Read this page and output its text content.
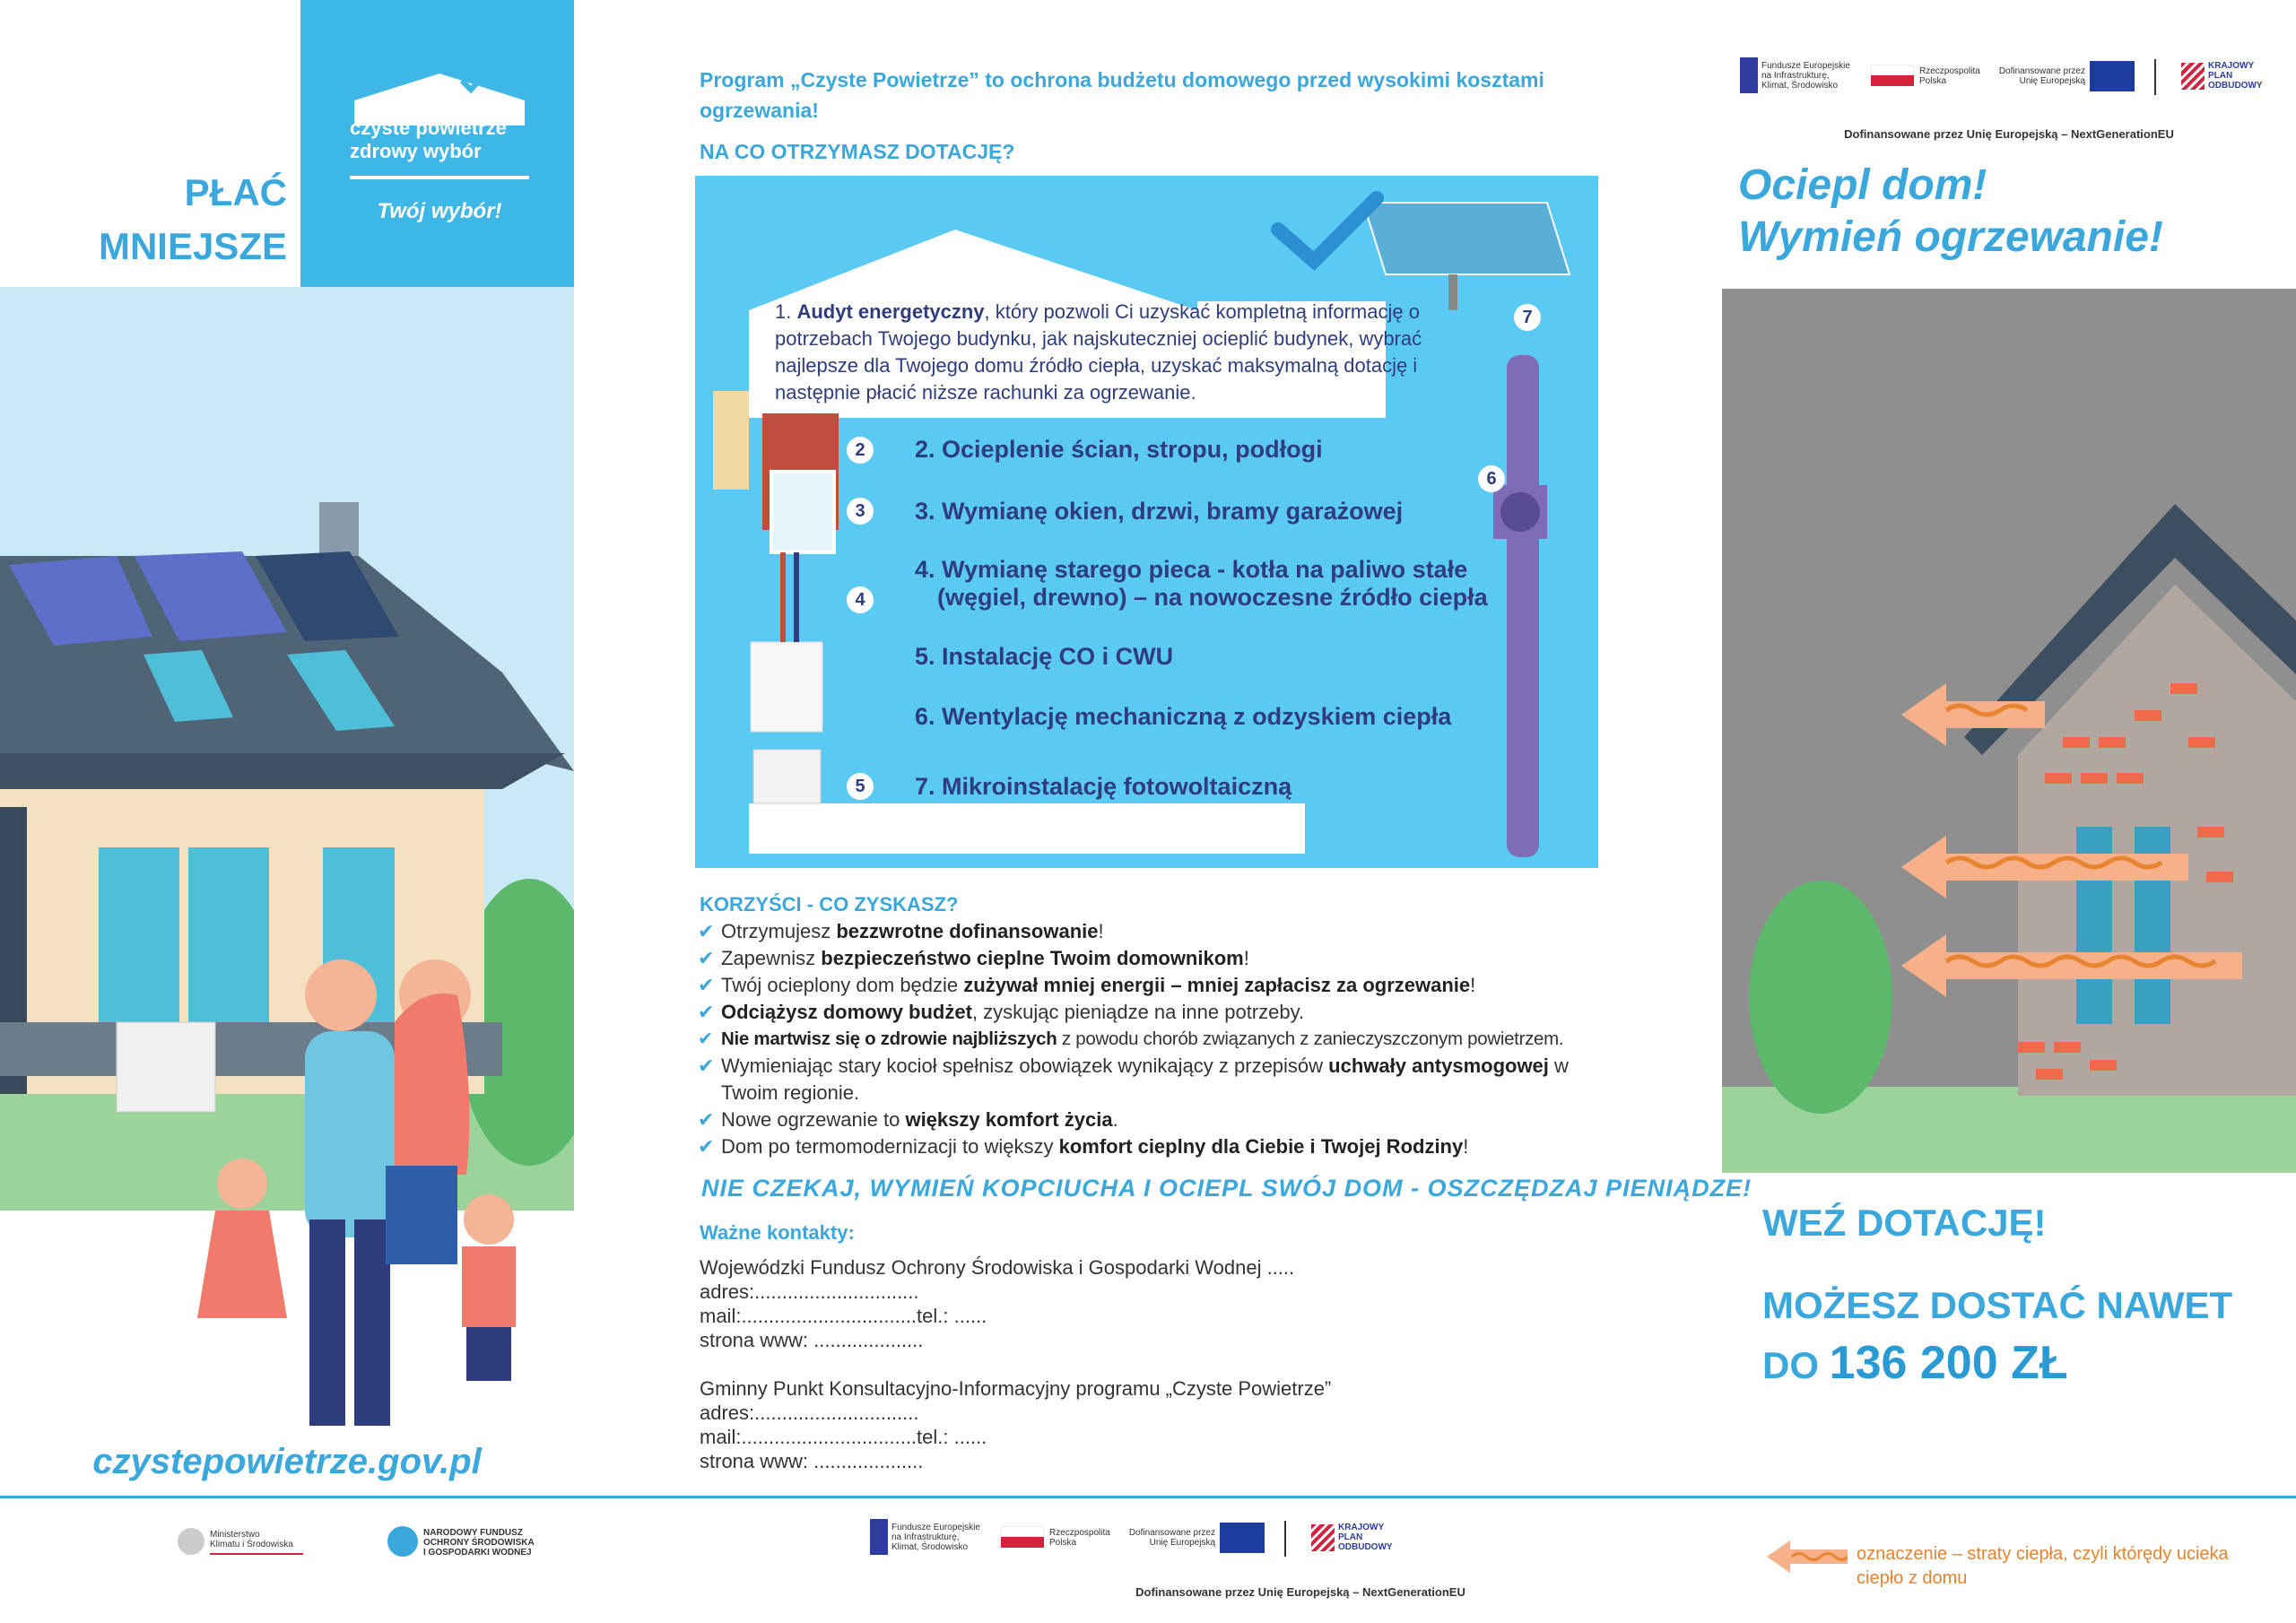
PŁAĆ MNIEJSZE
czyste powietrze
zdrowy wybór
Twój wybór!
czystepowietrze.gov.pl
Program „Czyste Powietrze” to ochrona budżetu domowego przed wysokimi kosztami ogrzewania!
NA CO OTRZYMASZ DOTACJĘ?
1. Audyt energetyczny, który pozwoli Ci uzyskać kompletną informację o potrzebach Twojego budynku, jak najskuteczniej ocieplić budynek, wybrać najlepsze dla Twojego domu źródło ciepła, uzyskać maksymalną dotację i następnie płacić niższe rachunki za ogrzewanie.
2. Ocieplenie ścian, stropu, podłogi
3. Wymianę okien, drzwi, bramy garażowej
4. Wymianę starego pieca - kotła na paliwo stałe
(węgiel, drewno) – na nowoczesne źródło ciepła
5. Instalację CO i CWU
6. Wentylację mechaniczną z odzyskiem ciepła
7. Mikroinstalację fotowoltaiczną
2
3
4
5
6
7
KORZYŚCI - CO ZYSKASZ?
✔ Otrzymujesz bezzwrotne dofinansowanie!
✔ Zapewnisz bezpieczeństwo cieplne Twoim domownikom!
✔ Twój ocieplony dom będzie zużywał mniej energii – mniej zapłacisz za ogrzewanie!
✔ Odciążysz domowy budżet, zyskując pieniądze na inne potrzeby.
✔ Nie martwisz się o zdrowie najbliższych z powodu chorób związanych z zanieczyszczonym powietrzem.
✔ Wymieniając stary kocioł spełnisz obowiązek wynikający z przepisów uchwały antysmogowej w Twoim regionie.
✔ Nowe ogrzewanie to większy komfort życia.
✔ Dom po termomodernizacji to większy komfort cieplny dla Ciebie i Twojej Rodziny!
NIE CZEKAJ, WYMIEŃ KOPCIUCHA I OCIEPL SWÓJ DOM - OSZCZĘDZAJ PIENIĄDZE!
Ważne kontakty:
Wojewódzki Fundusz Ochrony Środowiska i Gospodarki Wodnej .....
adres:..............................
mail:................................tel.: ......
strona www: ....................
Gminny Punkt Konsultacyjno-Informacyjny programu „Czyste Powietrze”
adres:..............................
mail:................................tel.: ......
strona www: ....................
Fundusze Europejskie
na Infrastrukturę,
Klimat, Środowisko
Rzeczpospolita
Polska
Dofinansowane przez
Unię Europejską
KRAJOWY
PLAN
ODBUDOWY
Dofinansowane przez Unię Europejską – NextGenerationEU
Ociepl dom!
Wymień ogrzewanie!
WEŹ DOTACJĘ!
MOŻESZ DOSTAĆ NAWET
DO 136 200 ZŁ
Ministerstwo
Klimatu i Środowiska
NARODOWY FUNDUSZ
OCHRONY ŚRODOWISKA
I GOSPODARKI WODNEJ
Fundusze Europejskie
na Infrastrukturę,
Klimat, Środowisko
Rzeczpospolita
Polska
Dofinansowane przez
Unię Europejską
KRAJOWY
PLAN
ODBUDOWY
Dofinansowane przez Unię Europejską – NextGenerationEU
oznaczenie – straty ciepła, czyli którędy ucieka ciepło z domu
